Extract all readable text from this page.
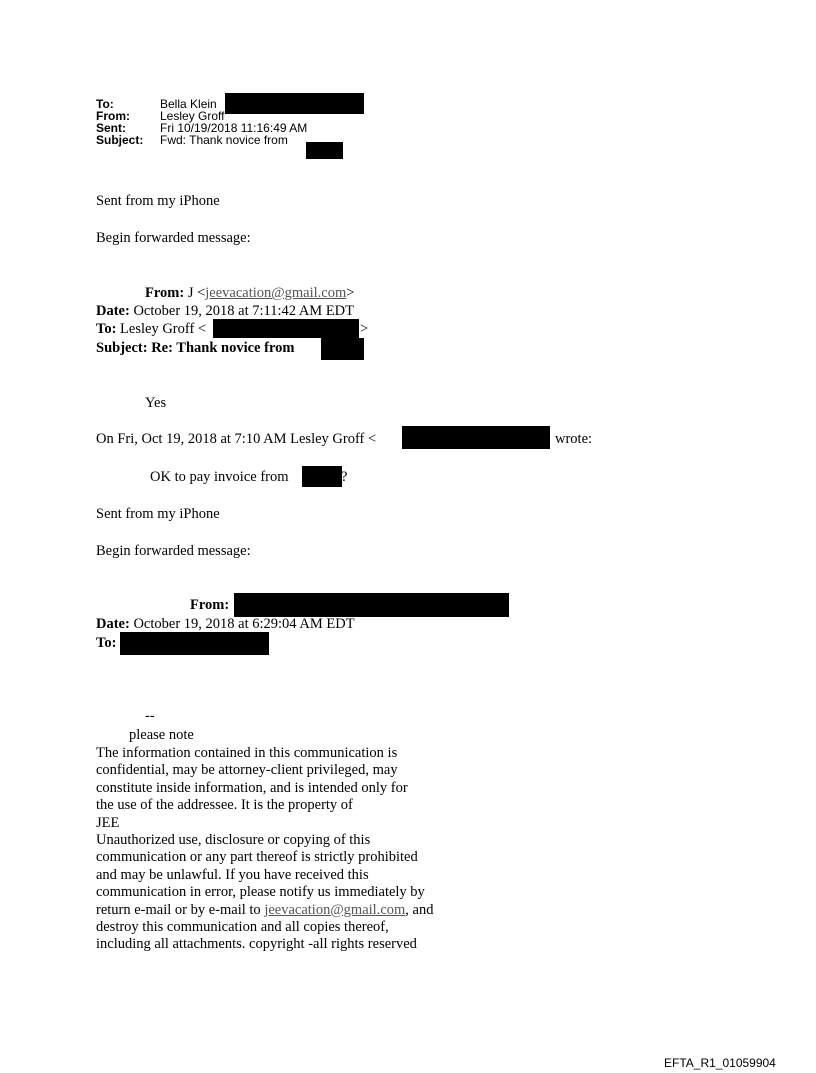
To:	Bella Klein
From:	Lesley Groff
Sent:	Fri 10/19/2018 11:16:49 AM
Subject: Fwd: Thank novice from
Sent from my iPhone
Begin forwarded message:
From: J <jeevacation@gmail.com>
Date: October 19, 2018 at 7:11:42 AM EDT
To: Lesley Groff <	>
Subject: Re: Thank novice from
Yes
On Fri, Oct 19, 2018 at 7:10 AM Lesley Groff <	wrote:
OK to pay invoice from	?
Sent from my iPhone
Begin forwarded message:
From:
Date: October 19, 2018 at 6:29:04 AM EDT
To:
--
please note
The information contained in this communication is
confidential, may be attorney-client privileged, may
constitute inside information, and is intended only for
the use of the addressee. It is the property of
JEE
Unauthorized use, disclosure or copying of this
communication or any part thereof is strictly prohibited
and may be unlawful. If you have received this
communication in error, please notify us immediately by
return e-mail or by e-mail to jeevacation@gmail.com, and
destroy this communication and all copies thereof,
including all attachments. copyright -all rights reserved
EFTA_R1_01059904
